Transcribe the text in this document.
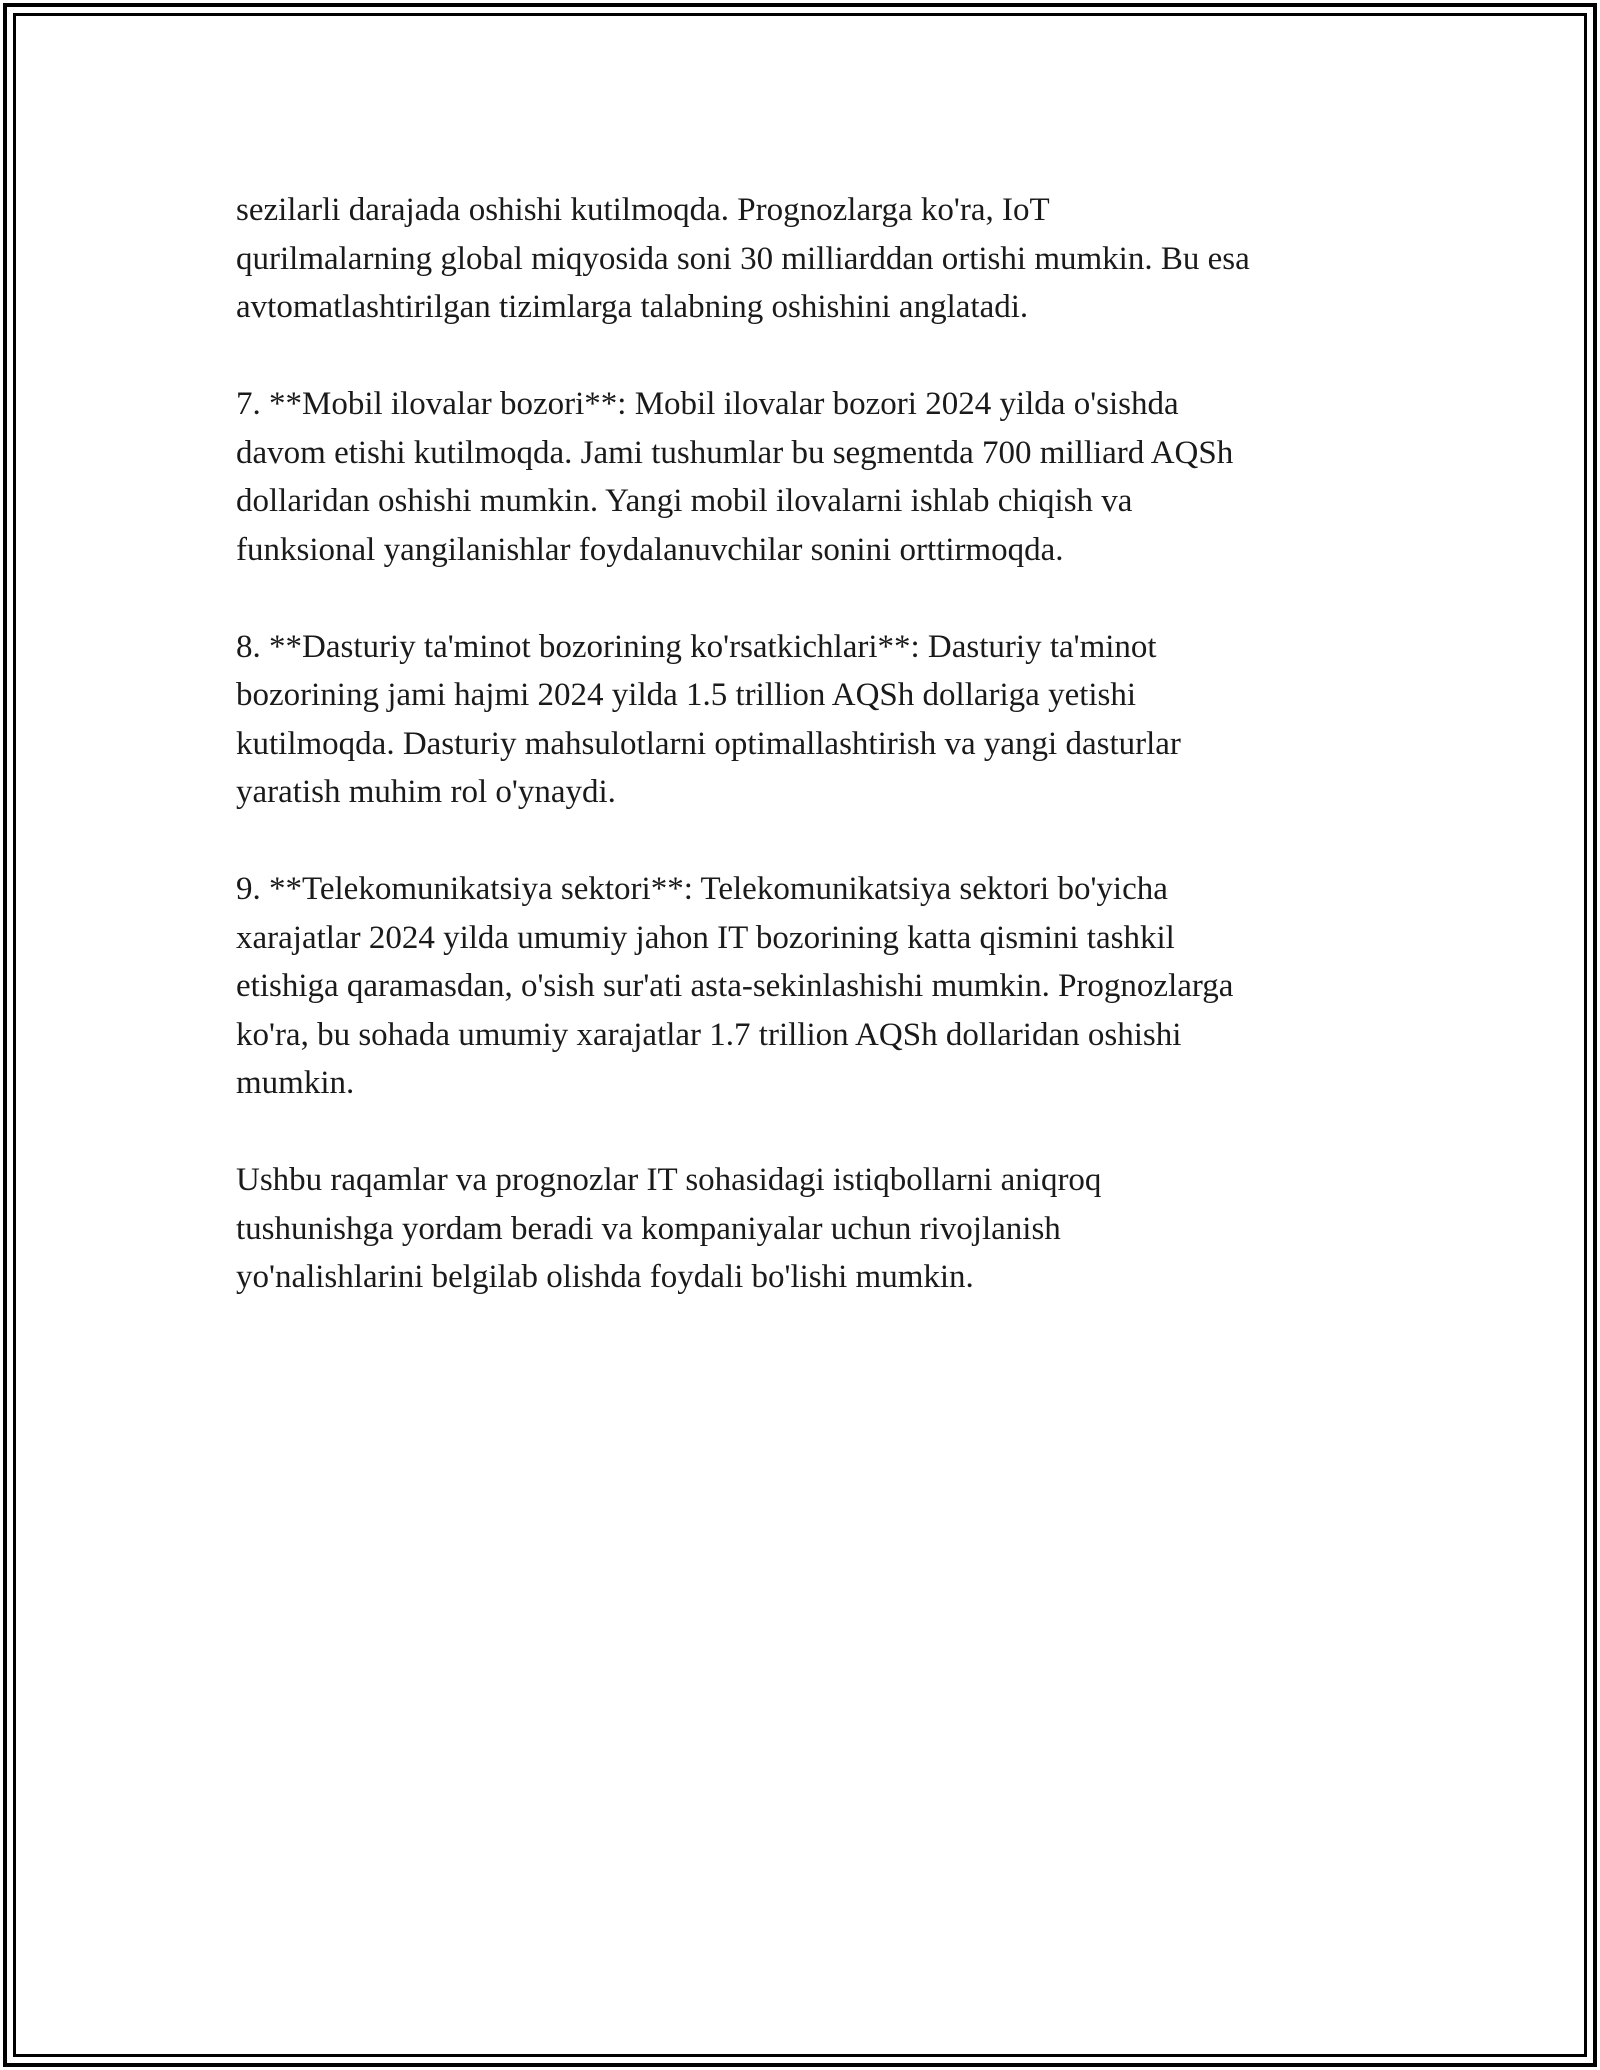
sezilarli darajada oshishi kutilmoqda. Prognozlarga ko'ra, IoT
qurilmalarning global miqyosida soni 30 milliarddan ortishi mumkin. Bu esa
avtomatlashtirilgan tizimlarga talabning oshishini anglatadi.

7. **Mobil ilovalar bozori**: Mobil ilovalar bozori 2024 yilda o'sishda
davom etishi kutilmoqda. Jami tushumlar bu segmentda 700 milliard AQSh
dollaridan oshishi mumkin. Yangi mobil ilovalarni ishlab chiqish va
funksional yangilanishlar foydalanuvchilar sonini orttirmoqda.

8. **Dasturiy ta'minot bozorining ko'rsatkichlari**: Dasturiy ta'minot
bozorining jami hajmi 2024 yilda 1.5 trillion AQSh dollariga yetishi
kutilmoqda. Dasturiy mahsulotlarni optimallashtirish va yangi dasturlar
yaratish muhim rol o'ynaydi.

9. **Telekomunikatsiya sektori**: Telekomunikatsiya sektori bo'yicha
xarajatlar 2024 yilda umumiy jahon IT bozorining katta qismini tashkil
etishiga qaramasdan, o'sish sur'ati asta-sekinlashishi mumkin. Prognozlarga
ko'ra, bu sohada umumiy xarajatlar 1.7 trillion AQSh dollaridan oshishi
mumkin.

Ushbu raqamlar va prognozlar IT sohasidagi istiqbollarni aniqroq
tushunishga yordam beradi va kompaniyalar uchun rivojlanish
yo'nalishlarini belgilab olishda foydali bo'lishi mumkin.
